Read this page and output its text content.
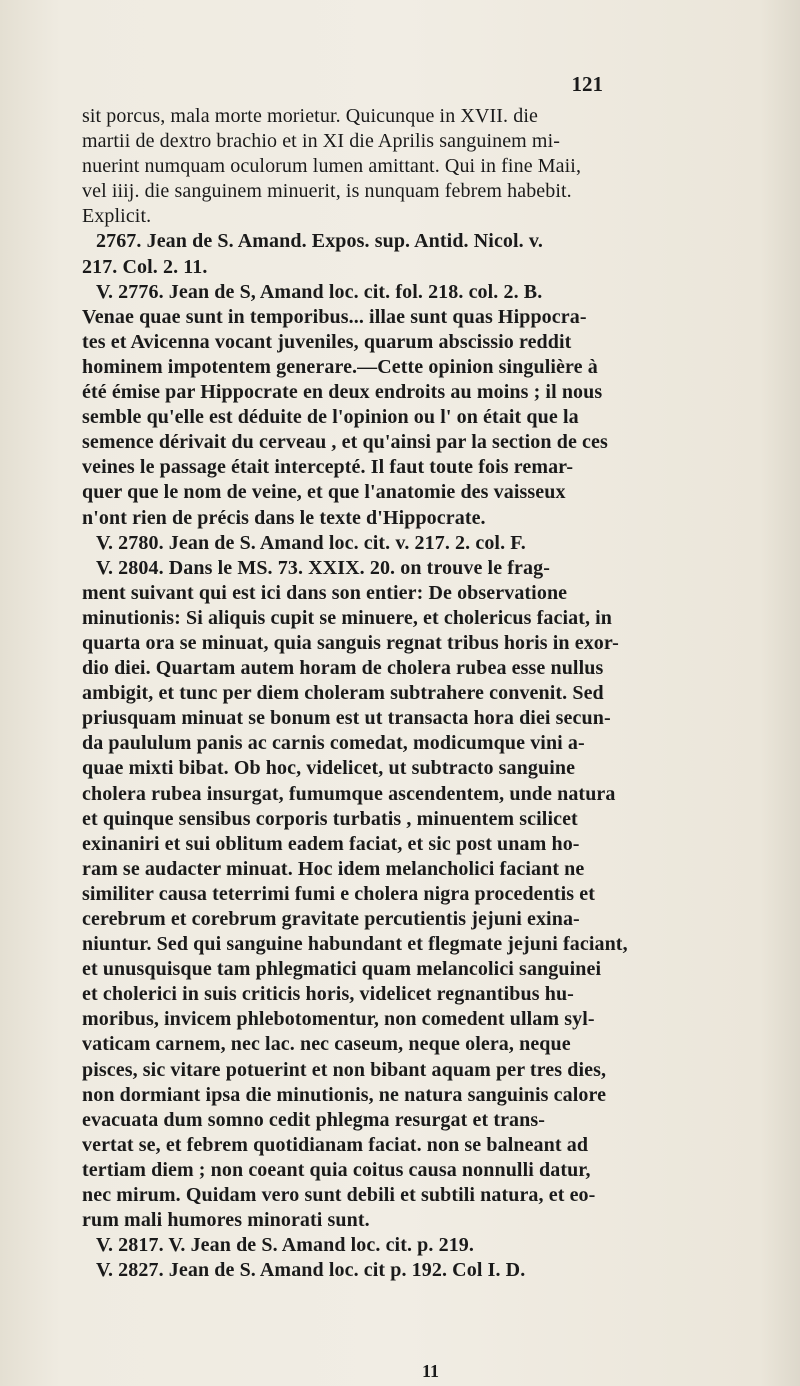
121
sit porcus, mala morte morietur. Quicunque in XVII. die
martii de dextro brachio et in XI die Aprilis sanguinem mi-
nuerint numquam oculorum lumen amittant. Qui in fine Maii,
vel iiij. die sanguinem minuerit, is nunquam febrem habebit.
Explicit.
2767. Jean de S. Amand. Expos. sup. Antid. Nicol. v.
217. Col. 2. 11.
V. 2776. Jean de S, Amand loc. cit. fol. 218. col. 2. B.
Venae quae sunt in temporibus... illae sunt quas Hippocra-
tes et Avicenna vocant juveniles, quarum abscissio reddit
hominem impotentem generare.—Cette opinion singulière à
été émise par Hippocrate en deux endroits au moins ; il nous
semble qu'elle est déduite de l'opinion ou l' on était que la
semence dérivait du cerveau , et qu'ainsi par la section de ces
veines le passage était intercepté. Il faut toute fois remar-
quer que le nom de veine, et que l'anatomie des vaisseux
n'ont rien de précis dans le texte d'Hippocrate.
V. 2780. Jean de S. Amand loc. cit. v. 217. 2. col. F.
V. 2804. Dans le MS. 73. XXIX. 20. on trouve le frag-
ment suivant qui est ici dans son entier: De observatione
minutionis: Si aliquis cupit se minuere, et cholericus faciat, in
quarta ora se minuat, quia sanguis regnat tribus horis in exor-
dio diei. Quartam autem horam de cholera rubea esse nullus
ambigit, et tunc per diem choleram subtrahere convenit. Sed
priusquam minuat se bonum est ut transacta hora diei secun-
da paululum panis ac carnis comedat, modicumque vini a-
quae mixti bibat. Ob hoc, videlicet, ut subtracto sanguine
cholera rubea insurgat, fumumque ascendentem, unde natura
et quinque sensibus corporis turbatis , minuentem scilicet
exinaniri et sui oblitum eadem faciat, et sic post unam ho-
ram se audacter minuat. Hoc idem melancholici faciant ne
similiter causa teterrimi fumi e cholera nigra procedentis et
cerebrum et corebrum gravitate percutientis jejuni exina-
niuntur. Sed qui sanguine habundant et flegmate jejuni faciant,
et unusquisque tam phlegmatici quam melancolici sanguinei
et cholerici in suis criticis horis, videlicet regnantibus hu-
moribus, invicem phlebotomentur, non comedent ullam syl-
vaticam carnem, nec lac. nec caseum, neque olera, neque
pisces, sic vitare potuerint et non bibant aquam per tres dies,
non dormiant ipsa die minutionis, ne natura sanguinis calore
evacuata dum somno cedit phlegma resurgat et trans-
vertat se, et febrem quotidianam faciat. non se balneant ad
tertiam diem ; non coeant quia coitus causa nonnulli datur,
nec mirum. Quidam vero sunt debili et subtili natura, et eo-
rum mali humores minorati sunt.
V. 2817. V. Jean de S. Amand loc. cit. p. 219.
V. 2827. Jean de S. Amand loc. cit p. 192. Col I. D.
11
